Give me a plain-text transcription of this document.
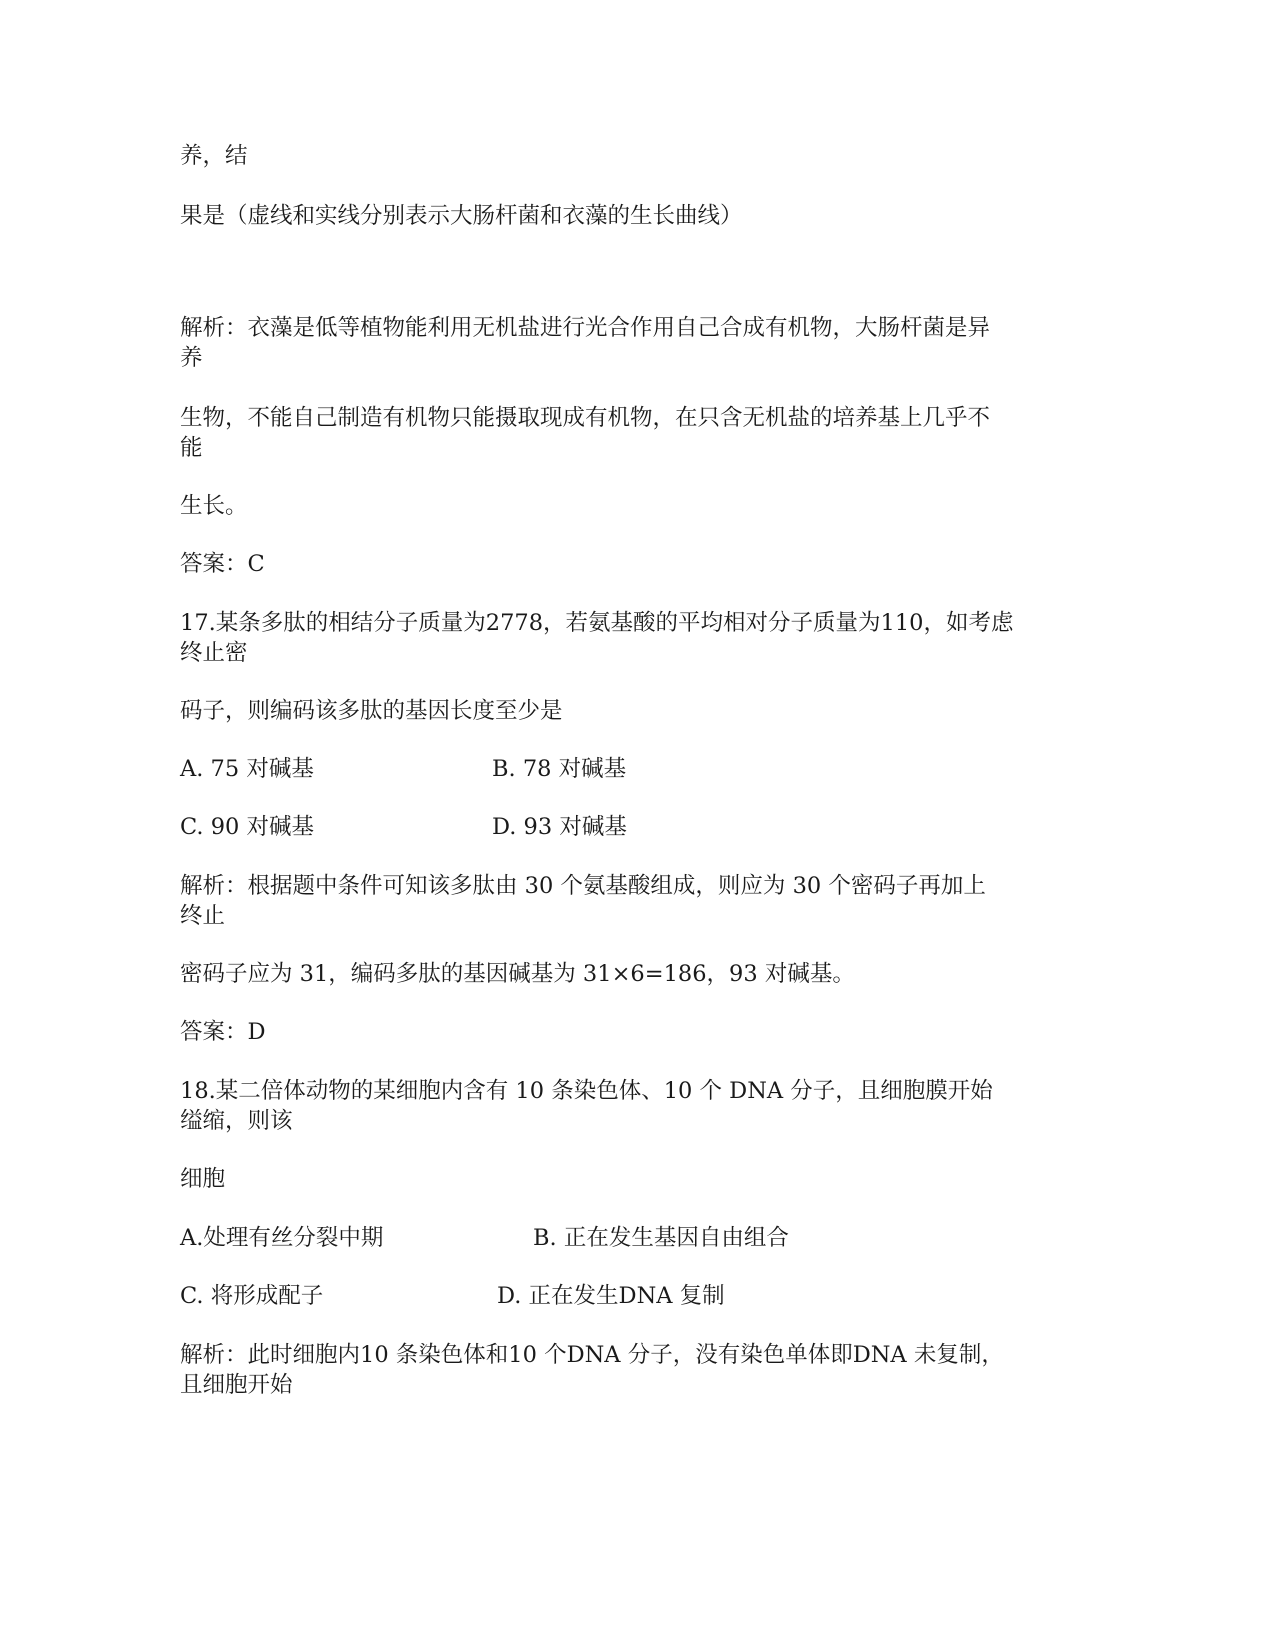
养，结
果是（虚线和实线分别表示大肠杆菌和衣藻的生长曲线）
解析：衣藻是低等植物能利用无机盐进行光合作用自己合成有机物，大肠杆菌是异
养
生物，不能自己制造有机物只能摄取现成有机物，在只含无机盐的培养基上几乎不
能
生长。
答案：C
17.某条多肽的相结分子质量为2778，若氨基酸的平均相对分子质量为110，如考虑
终止密
码子，则编码该多肽的基因长度至少是
A. 75 对碱基	B. 78 对碱基
C. 90 对碱基	D. 93 对碱基
解析：根据题中条件可知该多肽由 30 个氨基酸组成，则应为 30 个密码子再加上
终止
密码子应为 31，编码多肽的基因碱基为 31×6=186，93 对碱基。
答案：D
18.某二倍体动物的某细胞内含有 10 条染色体、10 个 DNA 分子，且细胞膜开始
缢缩，则该
细胞
A.处理有丝分裂中期	B. 正在发生基因自由组合
C. 将形成配子	D. 正在发生DNA 复制
解析：此时细胞内10 条染色体和10 个DNA 分子，没有染色单体即DNA 未复制，
且细胞开始
